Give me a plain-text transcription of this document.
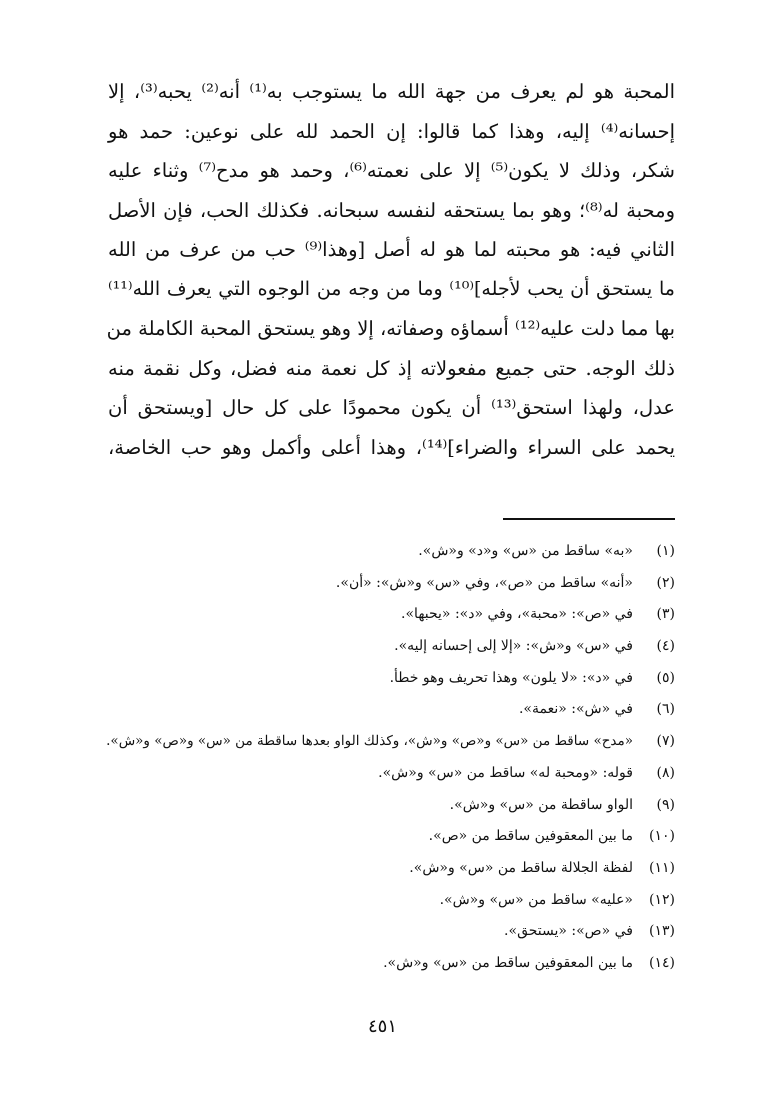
المحبة هو لم يعرف من جهة الله ما يستوجب به⁽¹⁾ أنه⁽²⁾ يحبه⁽³⁾، إلا
إحسانه⁽⁴⁾ إليه، وهذا كما قالوا: إن الحمد لله على نوعين: حمد هو
شكر، وذلك لا يكون⁽⁵⁾ إلا على نعمته⁽⁶⁾، وحمد هو مدح⁽⁷⁾ وثناء عليه
ومحبة له⁽⁸⁾؛ وهو بما يستحقه لنفسه سبحانه. فكذلك الحب، فإن الأصل
الثاني فيه: هو محبته لما هو له أصل [وهذا⁽⁹⁾ حب من عرف من الله
ما يستحق أن يحب لأجله]⁽¹⁰⁾ وما من وجه من الوجوه التي يعرف الله⁽¹¹⁾
بها مما دلت عليه⁽¹²⁾ أسماؤه وصفاته، إلا وهو يستحق المحبة الكاملة من
ذلك الوجه. حتى جميع مفعولاته إذ كل نعمة منه فضل، وكل نقمة منه
عدل، ولهذا استحق⁽¹³⁾ أن يكون محمودًا على كل حال [ويستحق أن
يحمد على السراء والضراء]⁽¹⁴⁾، وهذا أعلى وأكمل وهو حب الخاصة،
(١)
«به» ساقط من «س» و«د» و«ش».
(٢)
«أنه» ساقط من «ص»، وفي «س» و«ش»: «أن».
(٣)
في «ص»: «محبة»، وفي «د»: «يحبها».
(٤)
في «س» و«ش»: «إلا إلى إحسانه إليه».
(٥)
في «د»: «لا يلون» وهذا تحريف وهو خطأ.
(٦)
في «ش»: «نعمة».
(٧)
«مدح» ساقط من «س» و«ص» و«ش»، وكذلك الواو بعدها ساقطة من «س» و«ص» و«ش».
(٨)
قوله: «ومحبة له» ساقط من «س» و«ش».
(٩)
الواو ساقطة من «س» و«ش».
(١٠)
ما بين المعقوفين ساقط من «ص».
(١١)
لفظة الجلالة ساقط من «س» و«ش».
(١٢)
«عليه» ساقط من «س» و«ش».
(١٣)
في «ص»: «يستحق».
(١٤)
ما بين المعقوفين ساقط من «س» و«ش».
٤٥١
